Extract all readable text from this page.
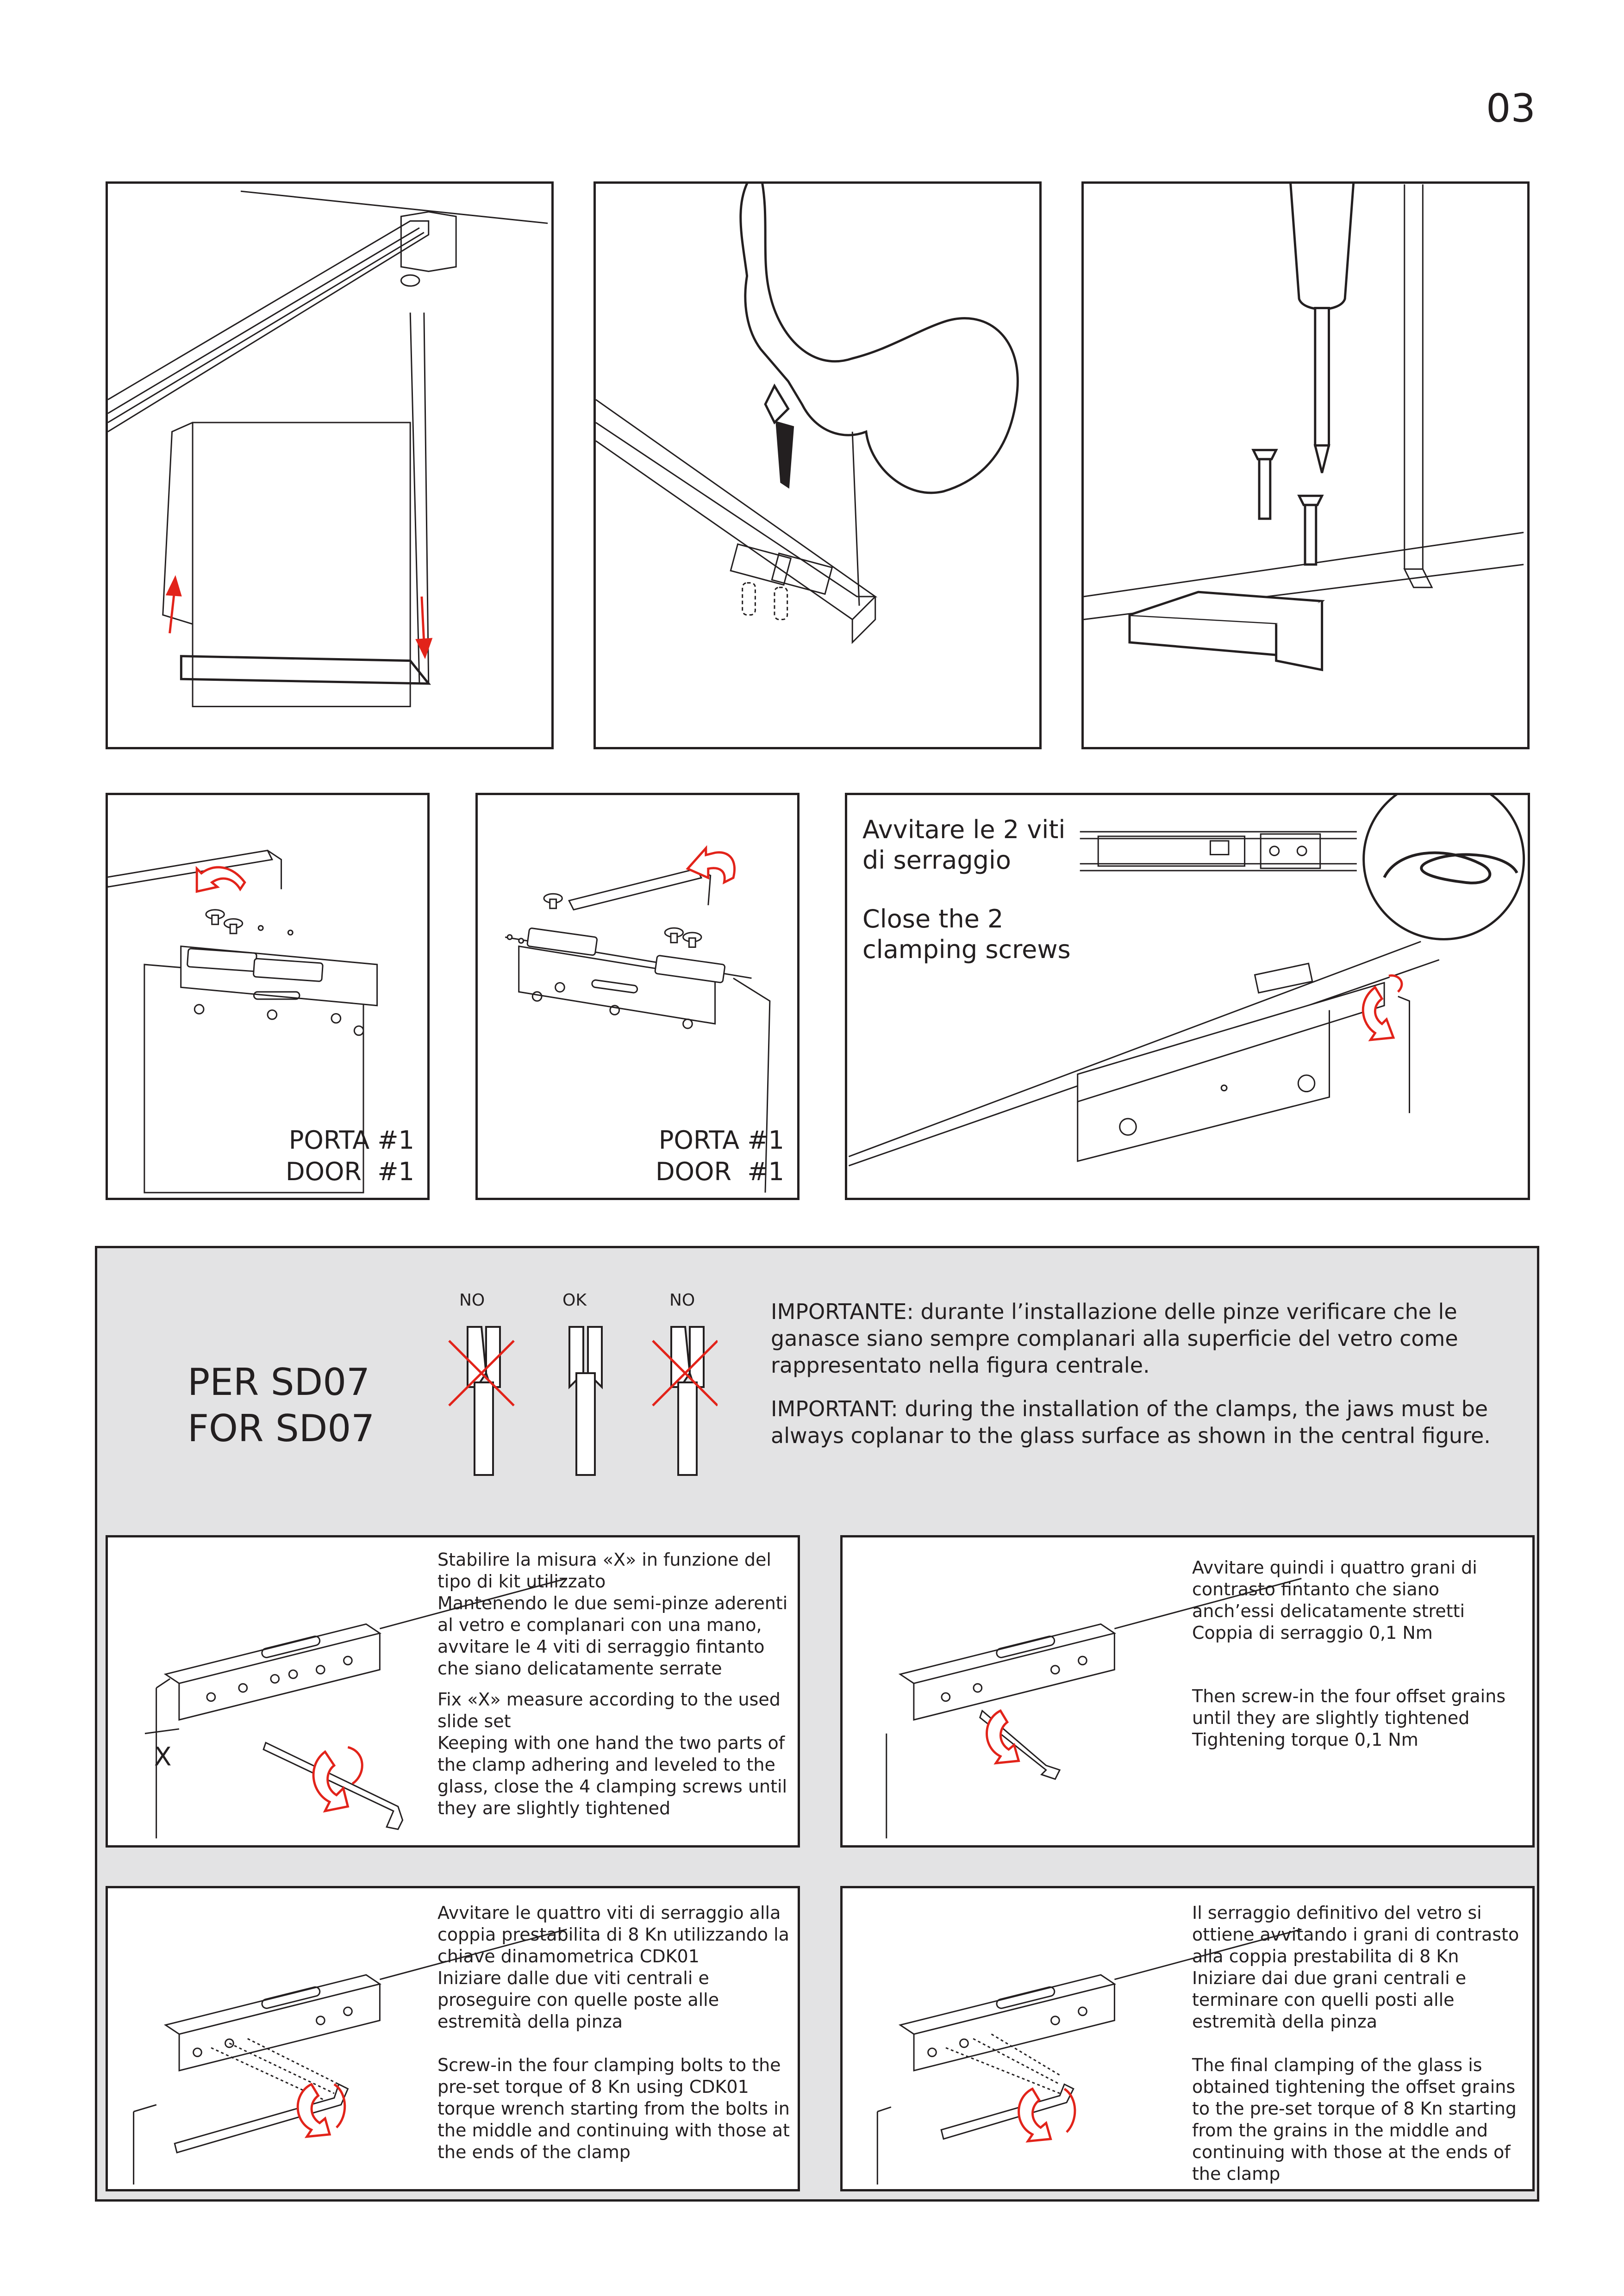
03
PORTA #1
DOOR  #1
PORTA #1
DOOR  #1
Avvitare le 2 viti
di serraggio
Close the 2
clamping screws
PER SD07
FOR SD07
NO	OK	NO	IMPORTANTE: durante l’installazione delle pinze verificare che le ganasce siano sempre complanari alla superficie del vetro come rappresentato nella figura centrale.

IMPORTANT: during the installation of the clamps, the jaws must be always coplanar to the glass surface as shown in the central figure.

X

Stabilire la misura «X» in funzione del tipo di kit utilizzato

Mantenendo le due semi-pinze aderenti al vetro e complanari con una mano, avvitare le 4 viti di serraggio fintanto che siano delicatamente serrate

Fix «X» measure according to the used slide set

Keeping with one hand the two parts of the clamp adhering and leveled to the glass, close the 4 clamping screws until they are slightly tightened

Avvitare quindi i quattro grani di contrasto fintanto che siano anch’essi delicatamente stretti

Coppia di serraggio 0,1 Nm

Then screw-in the four offset grains until they are slightly tightened

Tightening torque 0,1 Nm

Avvitare le quattro viti di serraggio alla coppia prestabilita di 8 Kn utilizzando la chiave dinamometrica CDK01

Iniziare dalle due viti centrali e proseguire con quelle poste alle estremità della pinza

Screw-in the four clamping bolts to the pre-set torque of 8 Kn using CDK01 torque wrench starting from the bolts in the middle and continuing with those at the ends of the clamp

Il serraggio definitivo del vetro si ottiene avvitando i grani di contrasto alla coppia prestabilita di 8 Kn

Iniziare dai due grani centrali e terminare con quelli posti alle estremità della pinza

The final clamping of the glass is obtained tightening the offset grains to the pre-set torque of 8 Kn starting from the grains in the middle and continuing with those at the ends of the clamp
